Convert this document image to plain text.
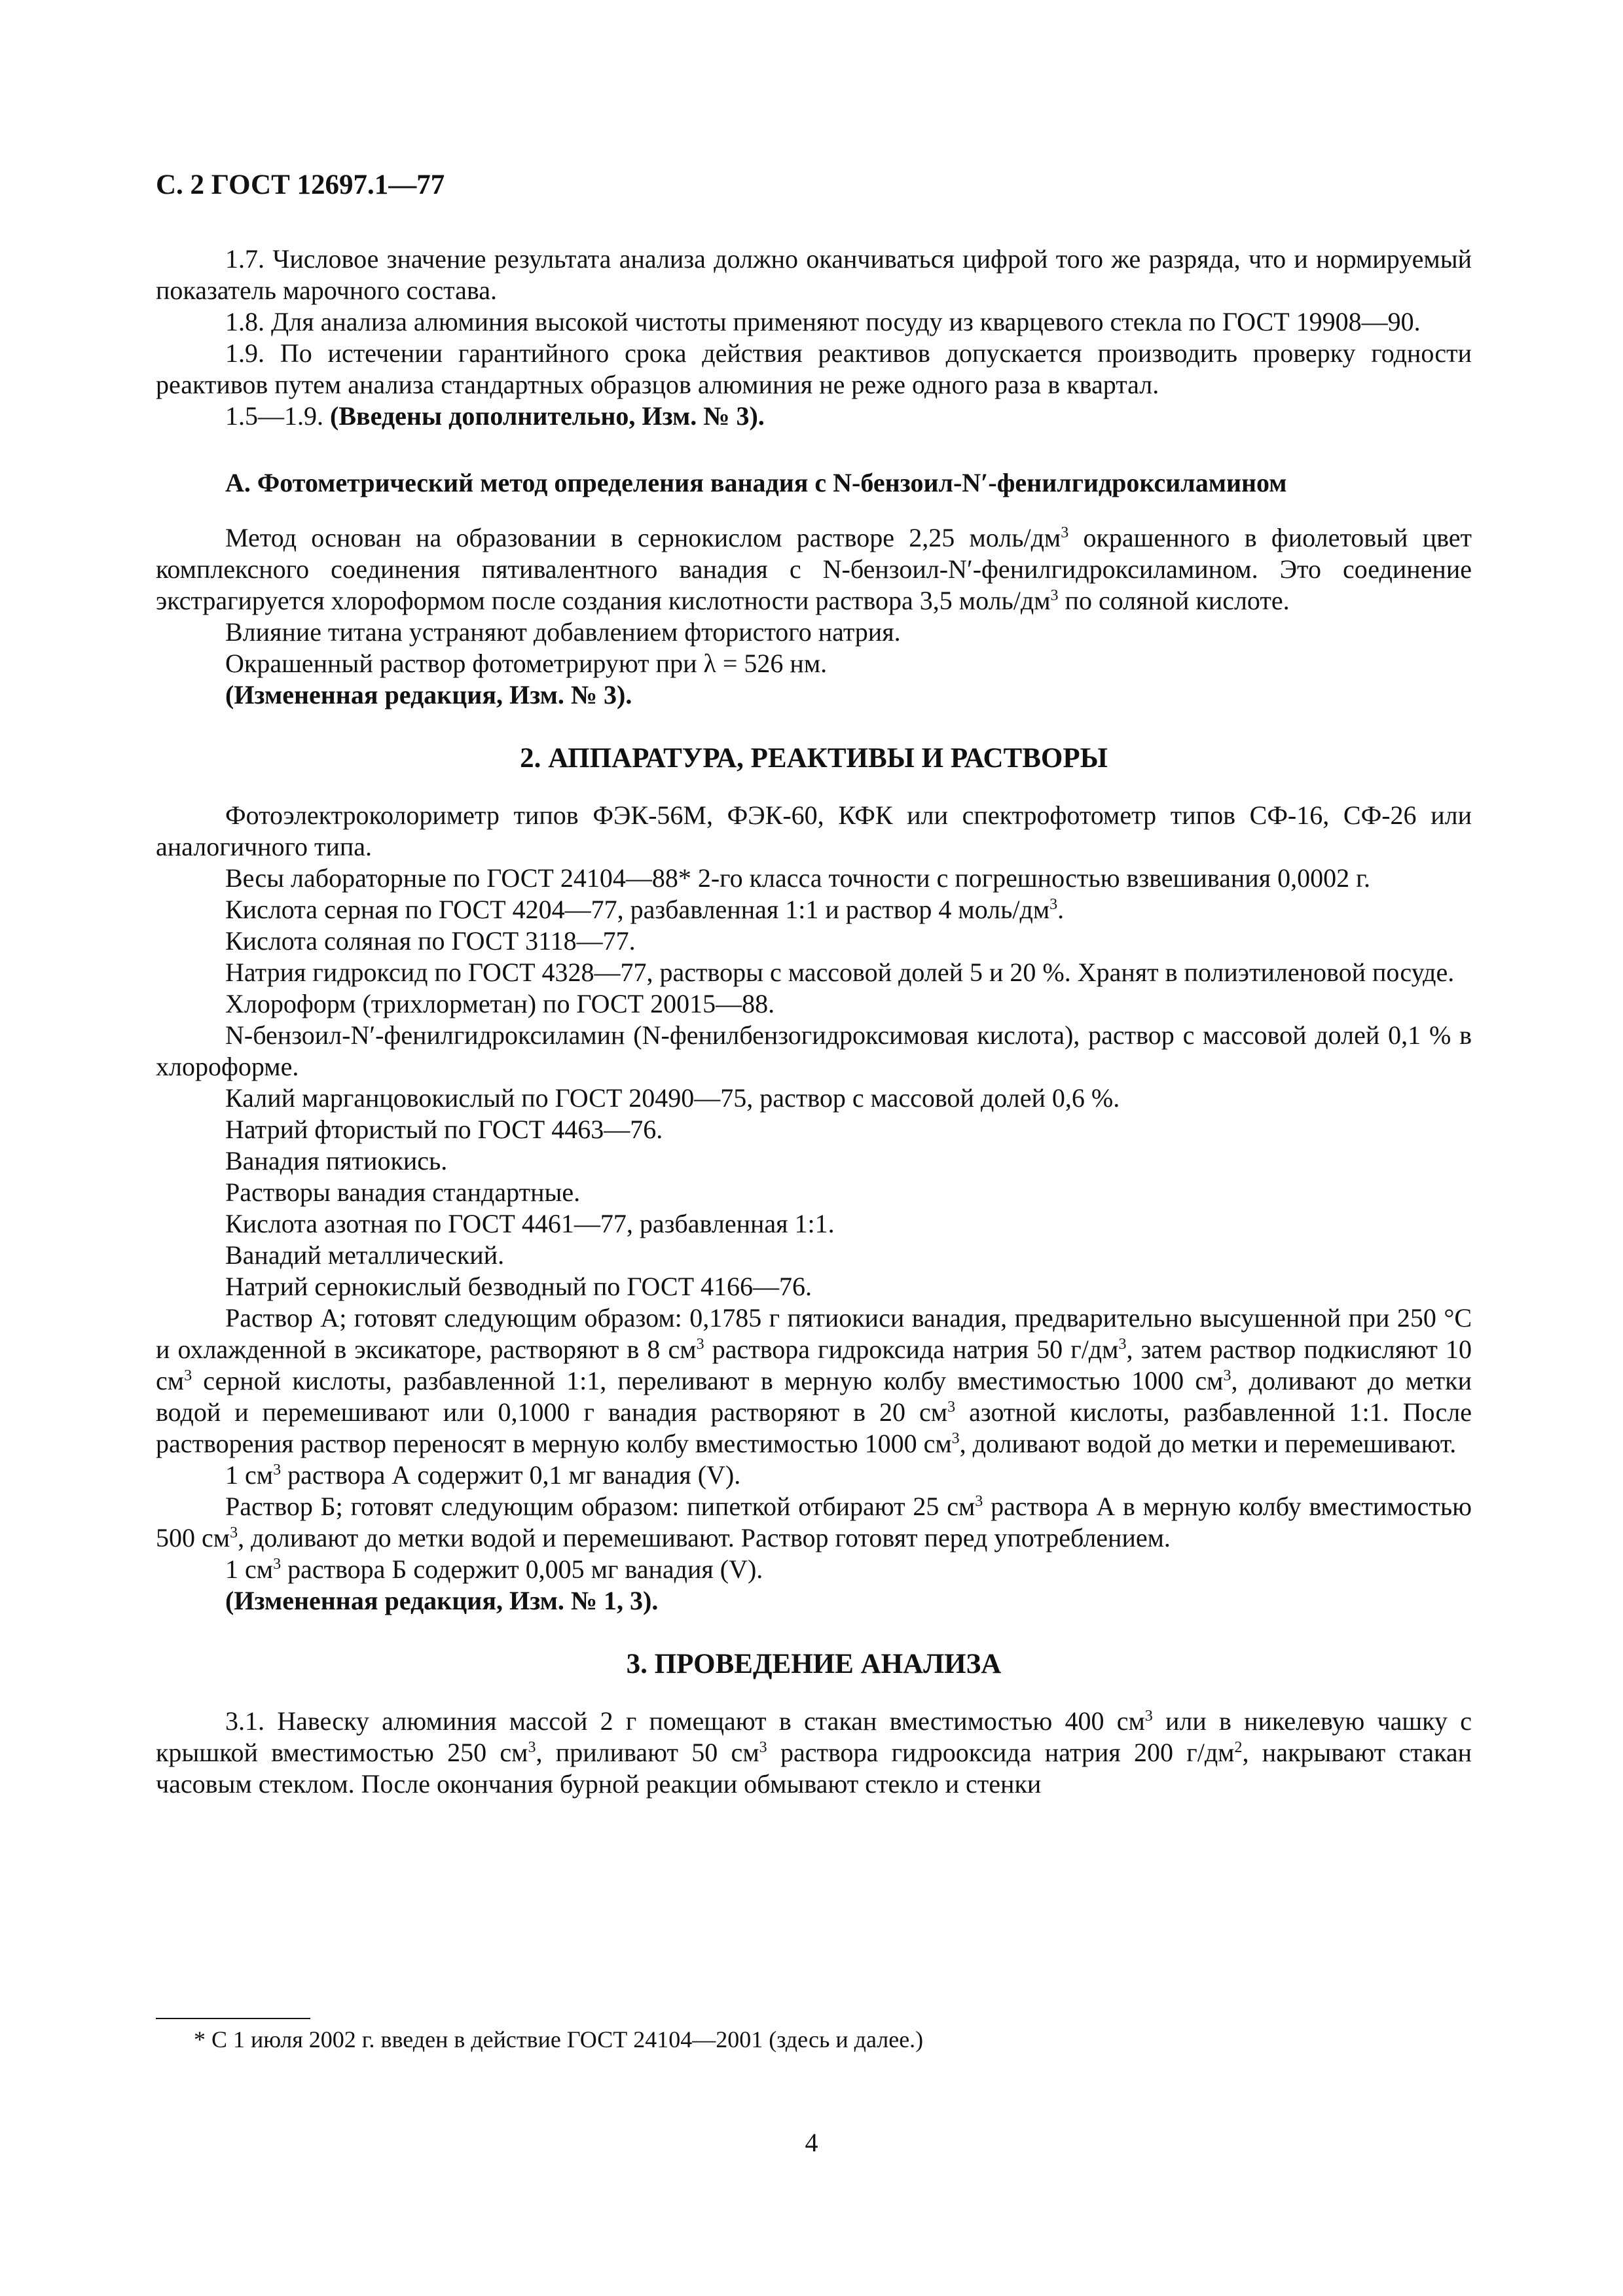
С. 2 ГОСТ 12697.1—77

1.7. Числовое значение результата анализа должно оканчиваться цифрой того же разряда, что и нормируемый показатель марочного состава.

1.8. Для анализа алюминия высокой чистоты применяют посуду из кварцевого стекла по ГОСТ 19908—90.

1.9. По истечении гарантийного срока действия реактивов допускается производить проверку годности реактивов путем анализа стандартных образцов алюминия не реже одного раза в квартал.

1.5—1.9. (Введены дополнительно, Изм. № 3).

А. Фотометрический метод определения ванадия с N-бензоил-N′-фенилгидроксиламином

Метод основан на образовании в сернокислом растворе 2,25 моль/$дм^3$ окрашенного в фиолетовый цвет комплексного соединения пятивалентного ванадия с N-бензоил-N′-фенилгидроксиламином. Это соединение экстрагируется хлороформом после создания кислотности раствора 3,5 моль/$дм^3$ по соляной кислоте.

Влияние титана устраняют добавлением фтористого натрия.

Окрашенный раствор фотометрируют при λ = 526 нм.

(Измененная редакция, Изм. № 3).

2. АППАРАТУРА, РЕАКТИВЫ И РАСТВОРЫ

Фотоэлектроколориметр типов ФЭК-56М, ФЭК-60, КФК или спектрофотометр типов СФ-16, СФ-26 или аналогичного типа.

Весы лабораторные по ГОСТ 24104—88* 2-го класса точности с погрешностью взвешивания 0,0002 г.

Кислота серная по ГОСТ 4204—77, разбавленная 1:1 и раствор 4 моль/$дм^3$.

Кислота соляная по ГОСТ 3118—77.

Натрия гидроксид по ГОСТ 4328—77, растворы с массовой долей 5 и 20 %. Хранят в полиэтиленовой посуде.

Хлороформ (трихлорметан) по ГОСТ 20015—88.

N-бензоил-N′-фенилгидроксиламин (N-фенилбензогидроксимовая кислота), раствор с массовой долей 0,1 % в хлороформе.

Калий марганцовокислый по ГОСТ 20490—75, раствор с массовой долей 0,6 %.

Натрий фтористый по ГОСТ 4463—76.

Ванадия пятиокись.

Растворы ванадия стандартные.

Кислота азотная по ГОСТ 4461—77, разбавленная 1:1.

Ванадий металлический.

Натрий сернокислый безводный по ГОСТ 4166—76.

Раствор А; готовят следующим образом: 0,1785 г пятиокиси ванадия, предварительно высушенной при 250 °С и охлажденной в эксикаторе, растворяют в 8 $см^3$ раствора гидроксида натрия 50 $г/дм^3$, затем раствор подкисляют 10 $см^3$ серной кислоты, разбавленной 1:1, переливают в мерную колбу вместимостью 1000 $см^3$, доливают до метки водой и перемешивают или 0,1000 г ванадия растворяют в 20 $см^3$ азотной кислоты, разбавленной 1:1. После растворения раствор переносят в мерную колбу вместимостью 1000 $см^3$, доливают водой до метки и перемешивают.

1 $см^3$ раствора А содержит 0,1 мг ванадия (V).

Раствор Б; готовят следующим образом: пипеткой отбирают 25 $см^3$ раствора А в мерную колбу вместимостью 500 $см^3$, доливают до метки водой и перемешивают. Раствор готовят перед употреблением.

1 $см^3$ раствора Б содержит 0,005 мг ванадия (V).

(Измененная редакция, Изм. № 1, 3).

3. ПРОВЕДЕНИЕ АНАЛИЗА

3.1. Навеску алюминия массой 2 г помещают в стакан вместимостью 400 $см^3$ или в никелевую чашку с крышкой вместимостью 250 $см^3$, приливают 50 $см^3$ раствора гидрооксида натрия 200 $г/дм^2$, накрывают стакан часовым стеклом. После окончания бурной реакции обмывают стекло и стенки

* С 1 июля 2002 г. введен в действие ГОСТ 24104—2001 (здесь и далее.)
4
